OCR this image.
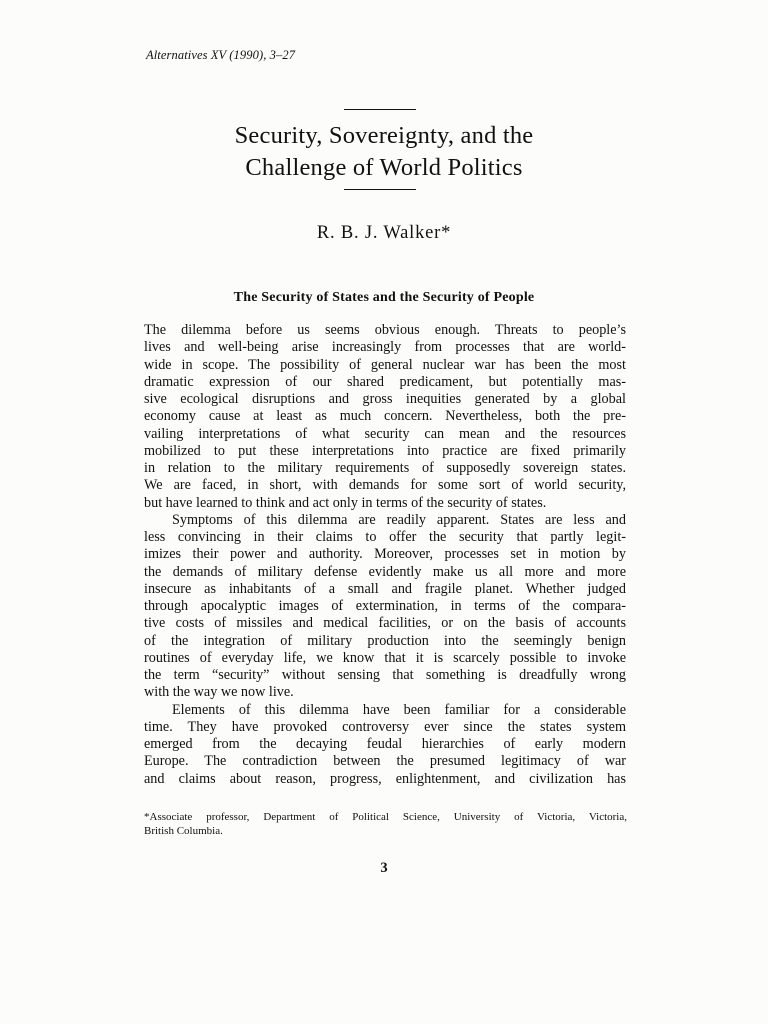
Alternatives XV (1990), 3–27
Security, Sovereignty, and the
Challenge of World Politics
R. B. J. Walker*
The Security of States and the Security of People
The dilemma before us seems obvious enough. Threats to people’s
lives and well-being arise increasingly from processes that are world-
wide in scope. The possibility of general nuclear war has been the most
dramatic expression of our shared predicament, but potentially mas-
sive ecological disruptions and gross inequities generated by a global
economy cause at least as much concern. Nevertheless, both the pre-
vailing interpretations of what security can mean and the resources
mobilized to put these interpretations into practice are fixed primarily
in relation to the military requirements of supposedly sovereign states.
We are faced, in short, with demands for some sort of world security,
but have learned to think and act only in terms of the security of states.
Symptoms of this dilemma are readily apparent. States are less and
less convincing in their claims to offer the security that partly legit-
imizes their power and authority. Moreover, processes set in motion by
the demands of military defense evidently make us all more and more
insecure as inhabitants of a small and fragile planet. Whether judged
through apocalyptic images of extermination, in terms of the compara-
tive costs of missiles and medical facilities, or on the basis of accounts
of the integration of military production into the seemingly benign
routines of everyday life, we know that it is scarcely possible to invoke
the term “security” without sensing that something is dreadfully wrong
with the way we now live.
Elements of this dilemma have been familiar for a considerable
time. They have provoked controversy ever since the states system
emerged from the decaying feudal hierarchies of early modern
Europe. The contradiction between the presumed legitimacy of war
and claims about reason, progress, enlightenment, and civilization has
*Associate professor, Department of Political Science, University of Victoria, Victoria,
British Columbia.
3
